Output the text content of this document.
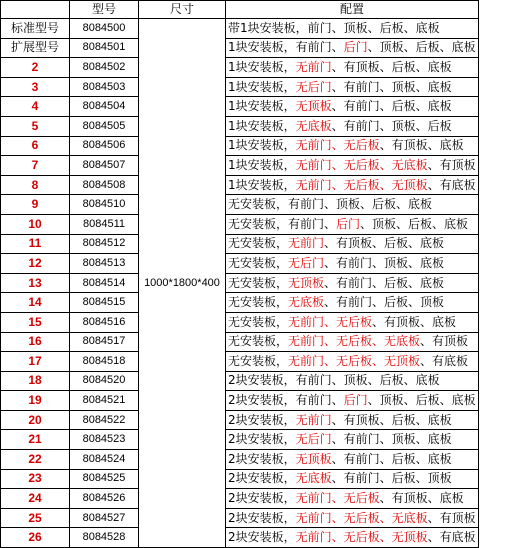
	型号	尺寸	配置
标准型号	8084500	1000*1800*400	带1块安装板，前门、顶板、后板、底板
扩展型号	8084501		1块安装板，有前门、后门、顶板、后板、底板
2	8084502		1块安装板，无前门、有顶板、后板、底板
3	8084503		1块安装板，无后门、有前门、顶板、底板
4	8084504		1块安装板，无顶板、有前门、后板、底板
5	8084505		1块安装板，无底板、有前门、顶板、后板
6	8084506		1块安装板，无前门、无后板、有顶板、底板
7	8084507		1块安装板，无前门、无后板、无底板、有顶板
8	8084508		1块安装板，无前门、无后板、无顶板、有底板
9	8084510		无安装板，有前门、顶板、后板、底板
10	8084511		无安装板，有前门、后门、顶板、后板、底板
11	8084512		无安装板，无前门、有顶板、后板、底板
12	8084513		无安装板，无后门、有前门、顶板、底板
13	8084514		无安装板，无顶板、有前门、后板、底板
14	8084515		无安装板，无底板、有前门、后板、顶板
15	8084516		无安装板，无前门、无后板、有顶板、底板
16	8084517		无安装板，无前门、无后板、无底板、有顶板
17	8084518		无安装板，无前门、无后板、无顶板、有底板
18	8084520		2块安装板，有前门、顶板、后板、底板
19	8084521		2块安装板，有前门、后门、顶板、后板、底板
20	8084522		2块安装板，无前门、有顶板、后板、底板
21	8084523		2块安装板，无后门、有前门、顶板、底板
22	8084524		2块安装板，无顶板、有前门、后板、底板
23	8084525		2块安装板，无底板、有前门、后板、顶板
24	8084526		2块安装板，无前门、无后板、有顶板、底板
25	8084527		2块安装板，无前门、无后板、无底板、有顶板
26	8084528		2块安装板，无前门、无后板、无顶板、有底板
